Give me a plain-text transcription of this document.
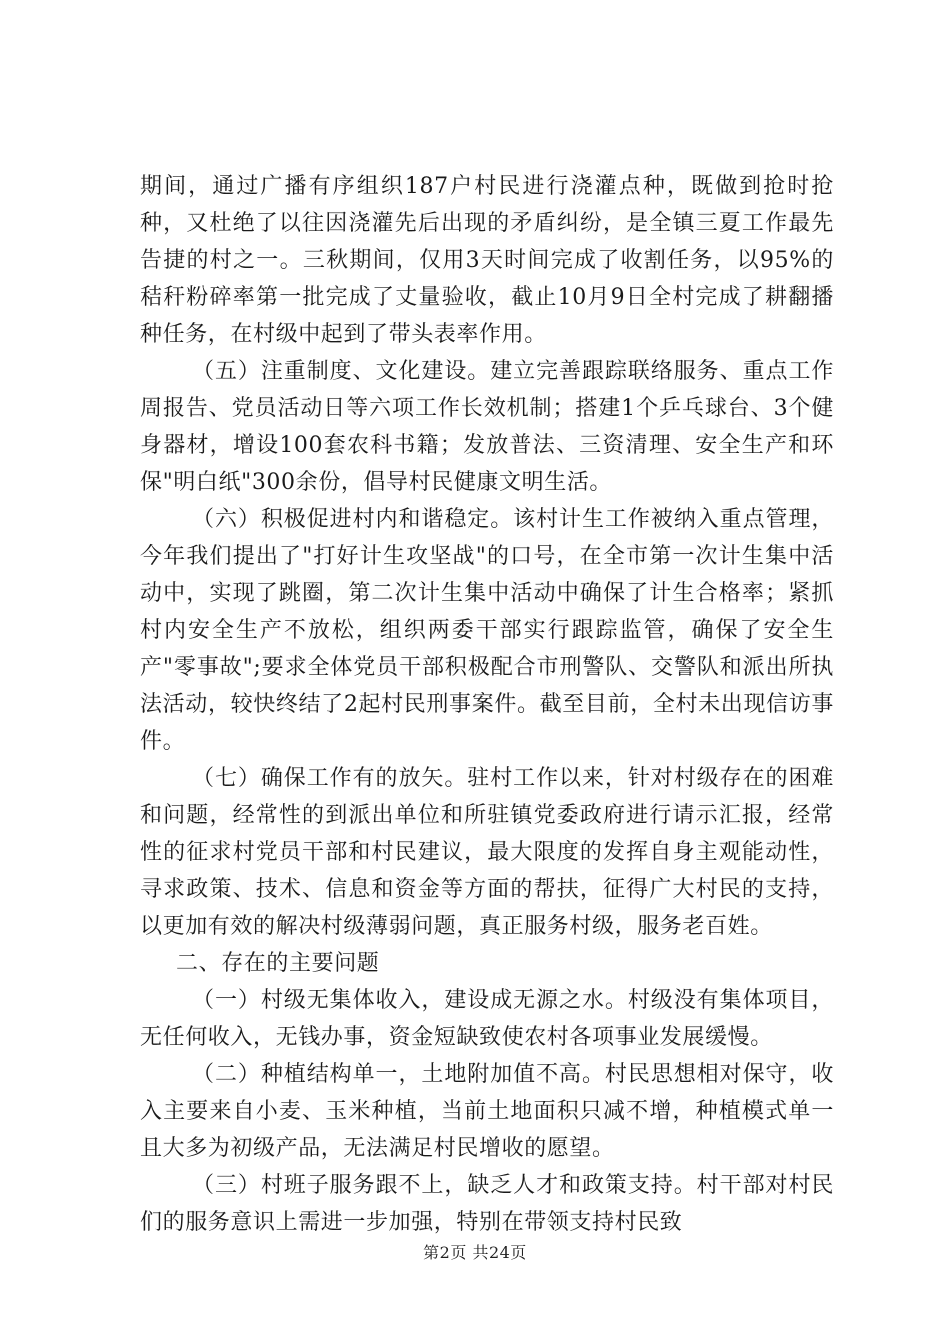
期间，通过广播有序组织187户村民进行浇灌点种，既做到抢时抢种，又杜绝了以往因浇灌先后出现的矛盾纠纷，是全镇三夏工作最先告捷的村之一。三秋期间，仅用3天时间完成了收割任务，以95%的秸秆粉碎率第一批完成了丈量验收，截止10月9日全村完成了耕翻播种任务，在村级中起到了带头表率作用。

（五）注重制度、文化建设。建立完善跟踪联络服务、重点工作周报告、党员活动日等六项工作长效机制；搭建1个乒乓球台、3个健身器材，增设100套农科书籍；发放普法、三资清理、安全生产和环保"明白纸"300余份，倡导村民健康文明生活。

（六）积极促进村内和谐稳定。该村计生工作被纳入重点管理，今年我们提出了"打好计生攻坚战"的口号，在全市第一次计生集中活动中，实现了跳圈，第二次计生集中活动中确保了计生合格率；紧抓村内安全生产不放松，组织两委干部实行跟踪监管，确保了安全生产"零事故";要求全体党员干部积极配合市刑警队、交警队和派出所执法活动，较快终结了2起村民刑事案件。截至目前，全村未出现信访事件。

（七）确保工作有的放矢。驻村工作以来，针对村级存在的困难和问题，经常性的到派出单位和所驻镇党委政府进行请示汇报，经常性的征求村党员干部和村民建议，最大限度的发挥自身主观能动性，寻求政策、技术、信息和资金等方面的帮扶，征得广大村民的支持，以更加有效的解决村级薄弱问题，真正服务村级，服务老百姓。

二、存在的主要问题

（一）村级无集体收入，建设成无源之水。村级没有集体项目，无任何收入，无钱办事，资金短缺致使农村各项事业发展缓慢。

（二）种植结构单一，土地附加值不高。村民思想相对保守，收入主要来自小麦、玉米种植，当前土地面积只减不增，种植模式单一且大多为初级产品，无法满足村民增收的愿望。

（三）村班子服务跟不上，缺乏人才和政策支持。村干部对村民们的服务意识上需进一步加强，特别在带领支持村民致

第2页 共24页
